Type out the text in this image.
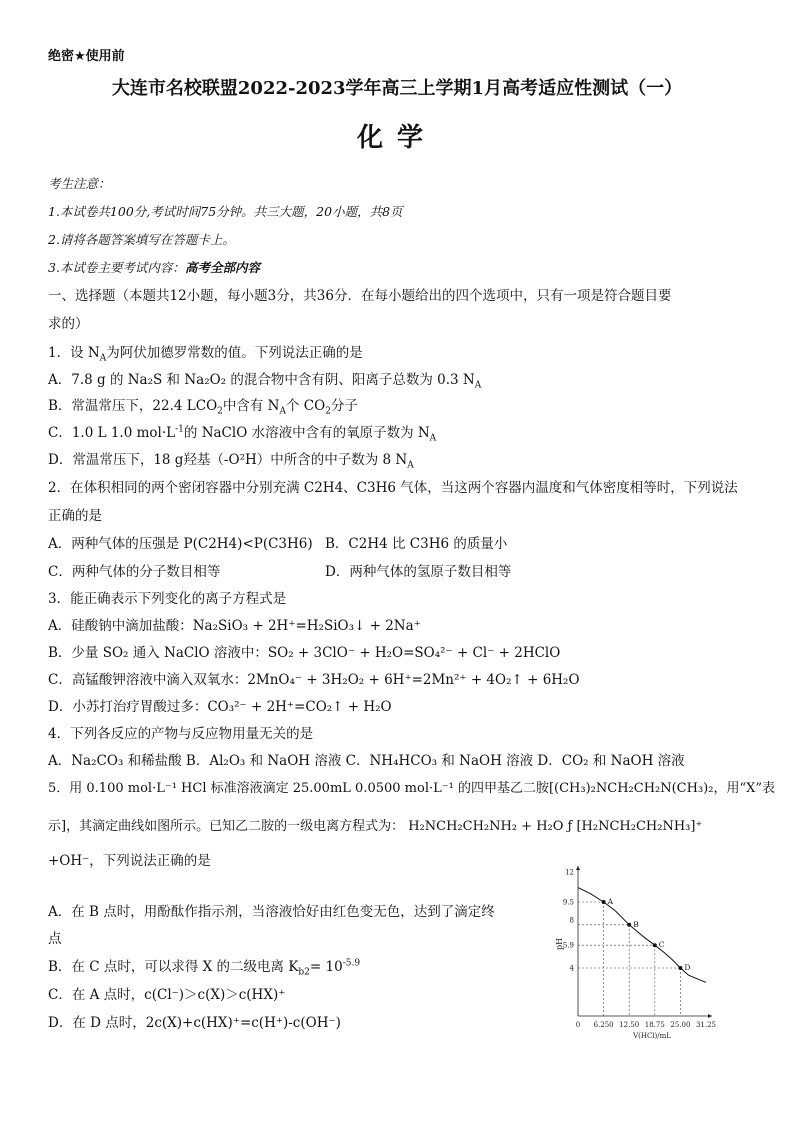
绝密★使用前
大连市名校联盟2022-2023学年高三上学期1月高考适应性测试（一）
化学
考生注意：
1.本试卷共100分,考试时间75分钟。共三大题，20小题，共8页
2.请将各题答案填写在答题卡上。
3.本试卷主要考试内容：高考全部内容
一、选择题（本题共12小题，每小题3分，共36分．在每小题给出的四个选项中，只有一项是符合题目要
求的）
1．设 $N_A$为阿伏加德罗常数的值。下列说法正确的是
A．7.8 g 的 Na₂S 和 Na₂O₂ 的混合物中含有阴、阳离子总数为 0.3 $N_A$
B．常温常压下，22.4 $LCO_2$中含有 $N_A$个 $CO_2$分子
C．1.0 L 1.0 $mol\cdot L^{-1}$的 NaClO 水溶液中含有的氧原子数为 $N_A$
D．常温常压下，18 g羟基（-O²H）中所含的中子数为 8 $N_A$
2．在体积相同的两个密闭容器中分别充满 C2H4、C3H6 气体，当这两个容器内温度和气体密度相等时，下列说法
正确的是
A．两种气体的压强是 P(C2H4)<P(C3H6) B．C2H4 比 C3H6 的质量小
C．两种气体的分子数目相等	D．两种气体的氢原子数目相等
3．能正确表示下列变化的离子方程式是
A．硅酸钠中滴加盐酸：Na₂SiO₃ + 2H⁺=H₂SiO₃↓ + 2Na⁺
B．少量 SO₂ 通入 NaClO 溶液中：SO₂ + 3ClO⁻ + H₂O=SO₄²⁻ + Cl⁻ + 2HClO
C．高锰酸钾溶液中滴入双氧水：2MnO₄⁻ + 3H₂O₂ + 6H⁺=2Mn²⁺ + 4O₂↑ + 6H₂O
D．小苏打治疗胃酸过多：CO₃²⁻ + 2H⁺=CO₂↑ + H₂O
4．下列各反应的产物与反应物用量无关的是
A．Na₂CO₃ 和稀盐酸 B．Al₂O₃ 和 NaOH 溶液 C．NH₄HCO₃ 和 NaOH 溶液 D．CO₂ 和 NaOH 溶液
5．用 0.100 mol·L⁻¹ HCl 标准溶液滴定 25.00mL 0.0500 mol·L⁻¹ 的四甲基乙二胺[(CH₃)₂NCH₂CH₂N(CH₃)₂，用“X”表
示]，其滴定曲线如图所示。已知乙二胺的一级电离方程式为： H₂NCH₂CH₂NH₂ + H₂O ƒ [H₂NCH₂CH₂NH₃]⁺
+OH⁻，下列说法正确的是
A．在 B 点时，用酚酞作指示剂，当溶液恰好由红色变无色，达到了滴定终
点
B．在 C 点时，可以求得 X 的二级电离 $K_{b2}= 10^{-5.9}$
C．在 A 点时，c(Cl⁻)＞c(X)＞c(HX)⁺
D．在 D 点时，2c(X)+c(HX)⁺=c(H⁺)-c(OH⁻)	0 6.250 12.50 18.75 25.00 31.25
4
5.9
8
9.5
12
V(HCl)/mL
pH
A
B
C
D
